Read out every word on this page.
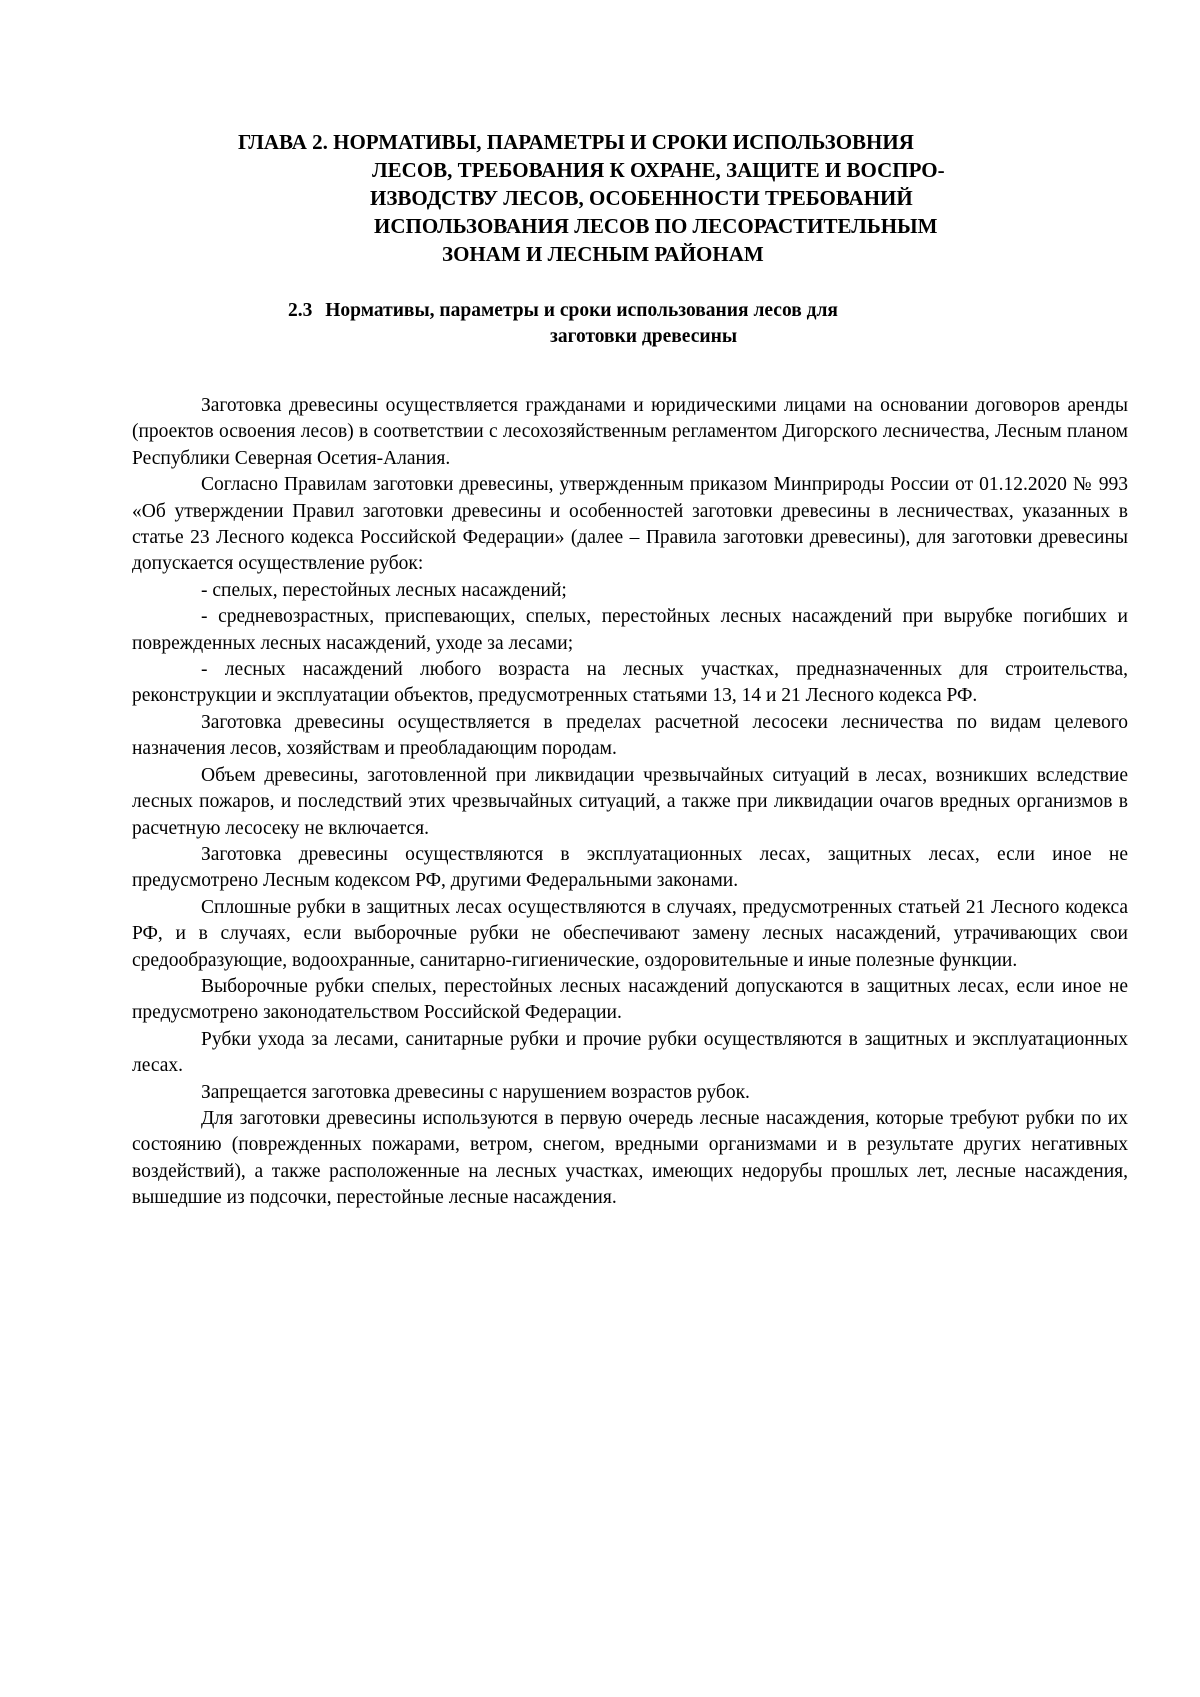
ГЛАВА 2. НОРМАТИВЫ, ПАРАМЕТРЫ И СРОКИ ИСПОЛЬЗОВНИЯ
ЛЕСОВ, ТРЕБОВАНИЯ К ОХРАНЕ, ЗАЩИТЕ И ВОСПРО-
ИЗВОДСТВУ ЛЕСОВ, ОСОБЕННОСТИ ТРЕБОВАНИЙ
ИСПОЛЬЗОВАНИЯ ЛЕСОВ ПО ЛЕСОРАСТИТЕЛЬНЫМ
ЗОНАМ И ЛЕСНЫМ РАЙОНАМ
2.3 Нормативы, параметры и сроки использования лесов для
заготовки древесины

Заготовка древесины осуществляется гражданами и юридическими лицами на основании договоров аренды (проектов освоения лесов) в соответствии с лесохозяйственным регламентом Дигорского лесничества, Лесным планом Республики Северная Осетия-Алания.

Согласно Правилам заготовки древесины, утвержденным приказом Минприроды России от 01.12.2020 № 993 «Об утверждении Правил заготовки древесины и особенностей заготовки древесины в лесничествах, указанных в статье 23 Лесного кодекса Российской Федерации» (далее – Правила заготовки древесины), для заготовки древесины допускается осуществление рубок:

- спелых, перестойных лесных насаждений;

- средневозрастных, приспевающих, спелых, перестойных лесных насаждений при вырубке погибших и поврежденных лесных насаждений, уходе за лесами;

- лесных насаждений любого возраста на лесных участках, предназначенных для строительства, реконструкции и эксплуатации объектов, предусмотренных статьями 13, 14 и 21 Лесного кодекса РФ.

Заготовка древесины осуществляется в пределах расчетной лесосеки лесничества по видам целевого назначения лесов, хозяйствам и преобладающим породам.

Объем древесины, заготовленной при ликвидации чрезвычайных ситуаций в лесах, возникших вследствие лесных пожаров, и последствий этих чрезвычайных ситуаций, а также при ликвидации очагов вредных организмов в расчетную лесосеку не включается.

Заготовка древесины осуществляются в эксплуатационных лесах, защитных лесах, если иное не предусмотрено Лесным кодексом РФ, другими Федеральными законами.

Сплошные рубки в защитных лесах осуществляются в случаях, предусмотренных статьей 21 Лесного кодекса РФ, и в случаях, если выборочные рубки не обеспечивают замену лесных насаждений, утрачивающих свои средообразующие, водоохранные, санитарно-гигиенические, оздоровительные и иные полезные функции.

Выборочные рубки спелых, перестойных лесных насаждений допускаются в защитных лесах, если иное не предусмотрено законодательством Российской Федерации.

Рубки ухода за лесами, санитарные рубки и прочие рубки осуществляются в защитных и эксплуатационных лесах.

Запрещается заготовка древесины с нарушением возрастов рубок.

Для заготовки древесины используются в первую очередь лесные насаждения, которые требуют рубки по их состоянию (поврежденных пожарами, ветром, снегом, вредными организмами и в результате других негативных воздействий), а также расположенные на лесных участках, имеющих недорубы прошлых лет, лесные насаждения, вышедшие из подсочки, перестойные лесные насаждения.
